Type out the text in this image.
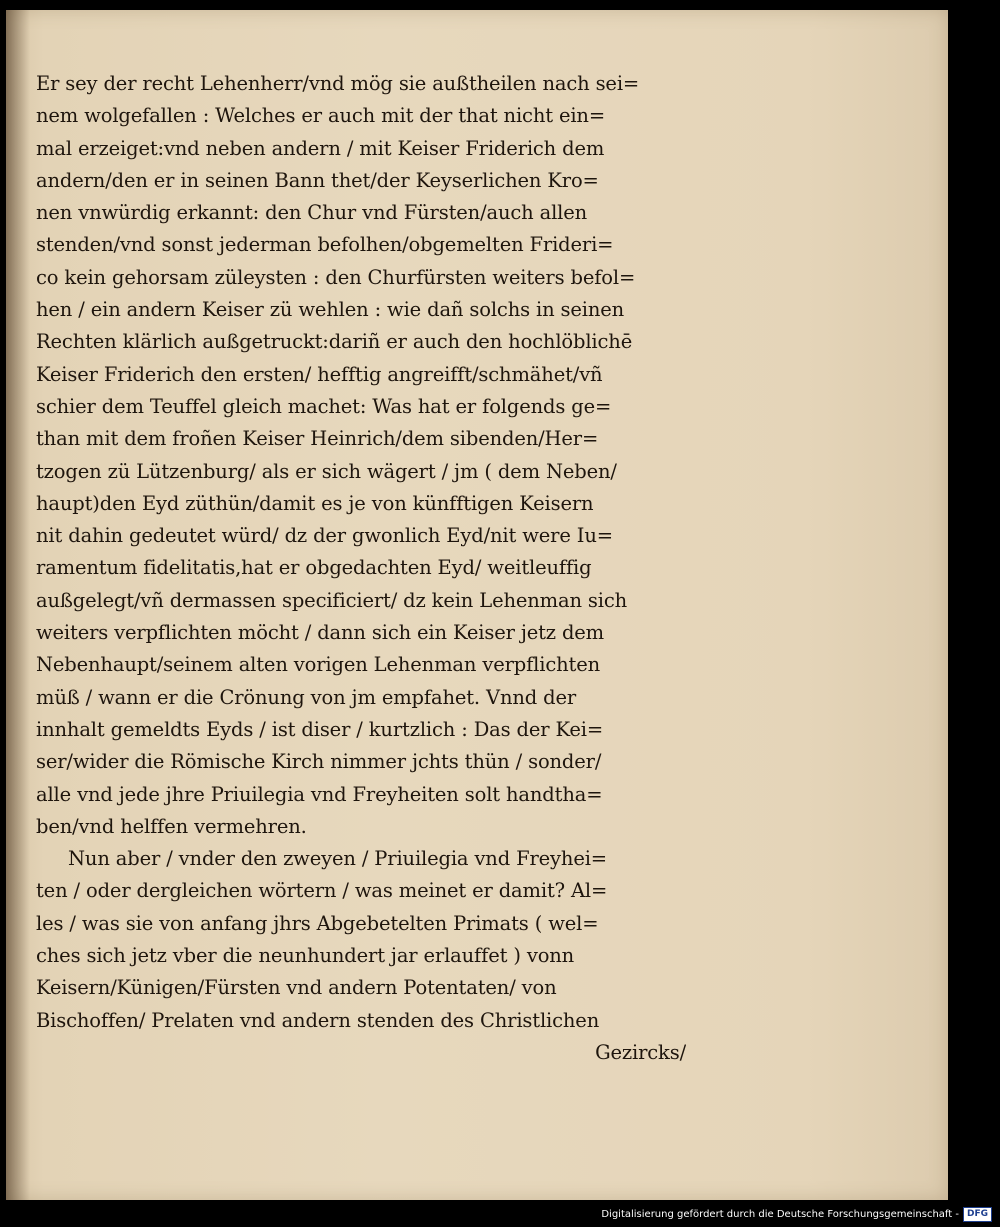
Er sey der recht Lehenherr/vnd mög sie außtheilen nach sei=
nem wolgefallen : Welches er auch mit der that nicht ein=
mal erzeiget:vnd neben andern / mit Keiser Friderich dem
andern/den er in seinen Bann thet/der Keyserlichen Kro=
nen vnwürdig erkannt: den Chur vnd Fürsten/auch allen
stenden/vnd sonst jederman befolhen/obgemelten Frideri=
co kein gehorsam züleysten : den Churfürsten weiters befol=
hen / ein andern Keiser zü wehlen : wie dañ solchs in seinen
Rechten klärlich außgetruckt:dariñ er auch den hochlöblichē
Keiser Friderich den ersten/ hefftig angreifft/schmähet/vñ
schier dem Teuffel gleich machet: Was hat er folgends ge=
than mit dem froñen Keiser Heinrich/dem sibenden/Her=
tzogen zü Lützenburg/ als er sich wägert / jm ( dem Neben/
haupt)den Eyd züthün/damit es je von künfftigen Keisern
nit dahin gedeutet würd/ dz der gwonlich Eyd/nit were Iu=
ramentum fidelitatis,hat er obgedachten Eyd/ weitleuffig
außgelegt/vñ dermassen specificiert/ dz kein Lehenman sich
weiters verpflichten möcht / dann sich ein Keiser jetz dem
Nebenhaupt/seinem alten vorigen Lehenman verpflichten
müß / wann er die Crönung von jm empfahet. Vnnd der
innhalt gemeldts Eyds / ist diser / kurtzlich : Das der Kei=
ser/wider die Römische Kirch nimmer jchts thün / sonder/
alle vnd jede jhre Priuilegia vnd Freyheiten solt handtha=
ben/vnd helffen vermehren.
Nun aber / vnder den zweyen / Priuilegia vnd Freyhei=
ten / oder dergleichen wörtern / was meinet er damit? Al=
les / was sie von anfang jhrs Abgebetelten Primats ( wel=
ches sich jetz vber die neunhundert jar erlauffet ) vonn
Keisern/Künigen/Fürsten vnd andern Potentaten/ von
Bischoffen/ Prelaten vnd andern stenden des Christlichen
Gezircks/
Digitalisierung gefördert durch die Deutsche Forschungsgemeinschaft - DFG
